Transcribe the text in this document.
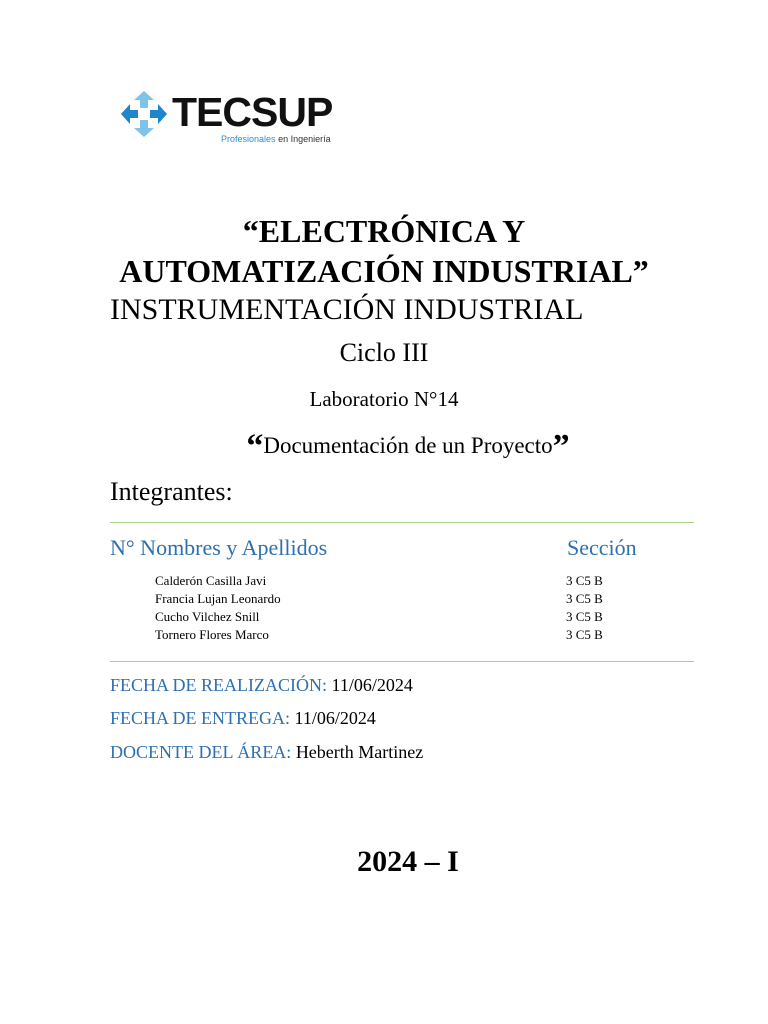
TECSUP
Profesionales en Ingeniería
“ELECTRÓNICA Y
AUTOMATIZACIÓN INDUSTRIAL”
INSTRUMENTACIÓN INDUSTRIAL
Ciclo III
Laboratorio N°14
“Documentación de un Proyecto”
Integrantes:
N° Nombres y Apellidos	Sección
Calderón Casilla Javi	3 C5 B
Francia Lujan Leonardo	3 C5 B
Cucho Vilchez Snill	3 C5 B
Tornero Flores Marco	3 C5 B
FECHA DE REALIZACIÓN: 11/06/2024
FECHA DE ENTREGA: 11/06/2024
DOCENTE DEL ÁREA: Heberth Martinez
2024 – I
